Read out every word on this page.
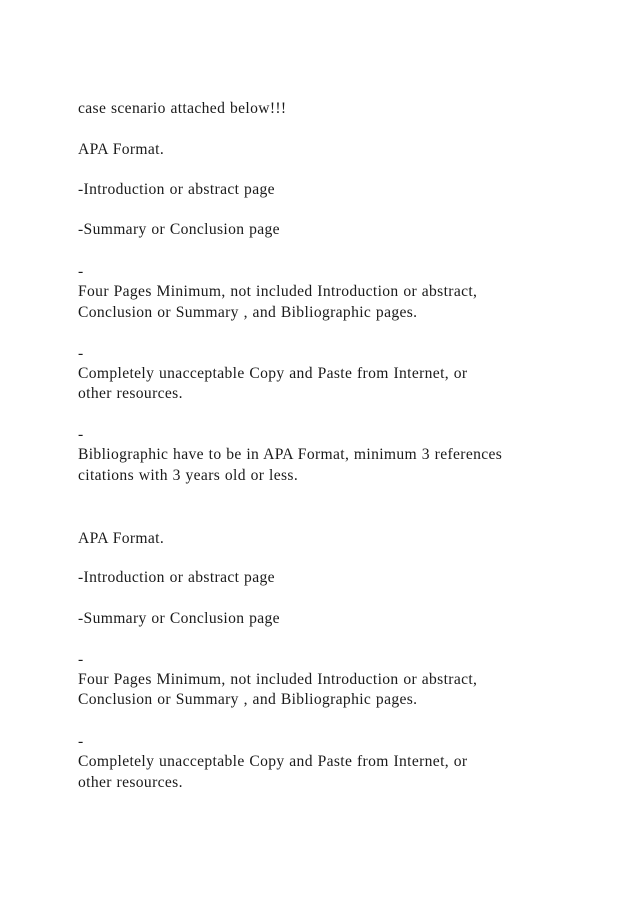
case scenario attached below!!!

APA Format.

-Introduction or abstract page

-Summary or Conclusion page

-

Four Pages Minimum, not included Introduction or abstract,

Conclusion or Summary , and Bibliographic pages.

-

Completely unacceptable Copy and Paste from Internet, or

other resources.

-

Bibliographic have to be in APA Format, minimum 3 references

citations with 3 years old or less.

APA Format.

-Introduction or abstract page

-Summary or Conclusion page

-

Four Pages Minimum, not included Introduction or abstract,

Conclusion or Summary , and Bibliographic pages.

-

Completely unacceptable Copy and Paste from Internet, or

other resources.
